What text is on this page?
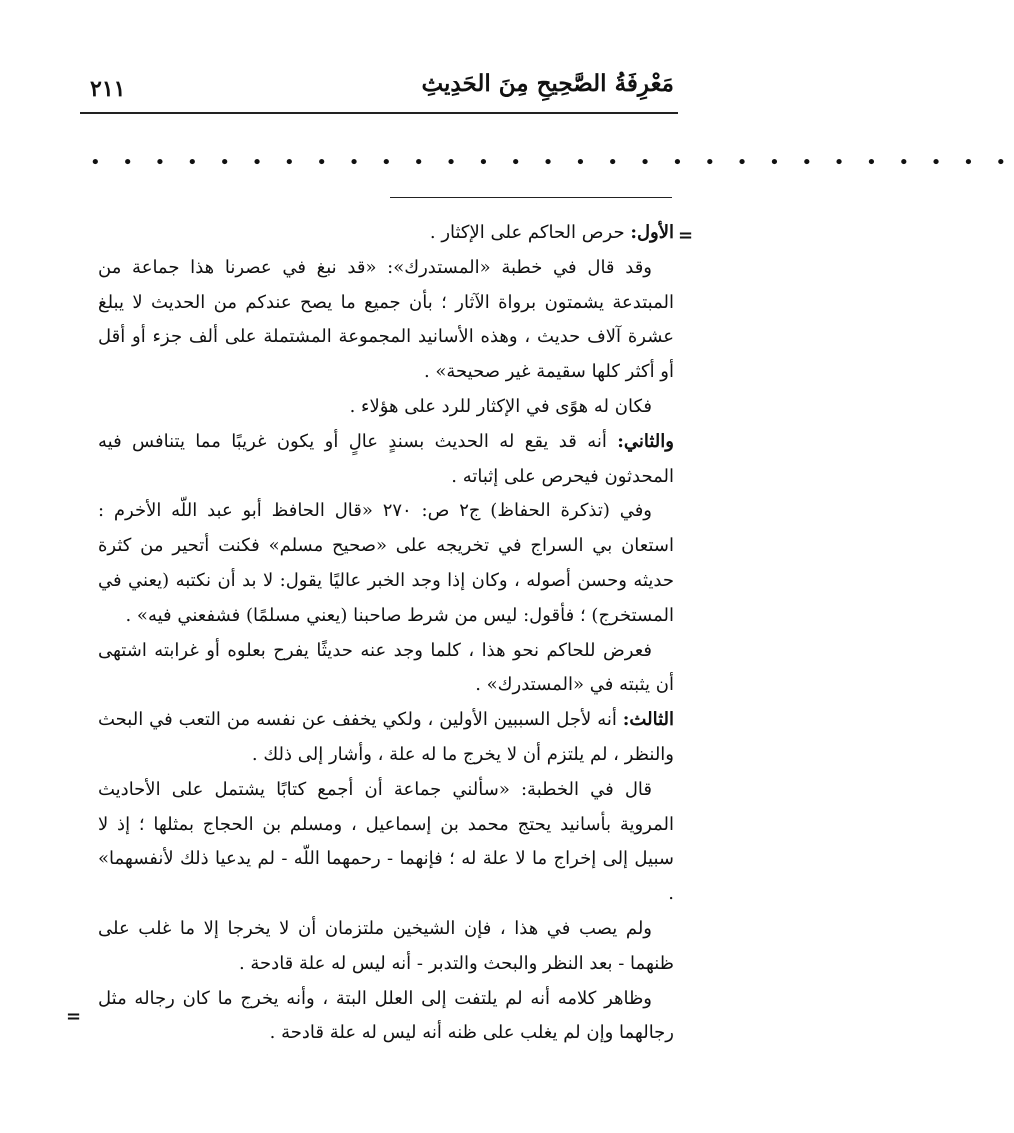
مَعْرِفَةُ الصَّحِيحِ مِنَ الحَدِيثِ
٢١١
• • • • • • • • • • • • • • • • • • • • • • • • • • • • •
=
=

الأول: حرص الحاكم على الإكثار .

وقد قال في خطبة «المستدرك»: «قد نبغ في عصرنا هذا جماعة من المبتدعة يشمتون برواة الآثار ؛ بأن جميع ما يصح عندكم من الحديث لا يبلغ عشرة آلاف حديث ، وهذه الأسانيد المجموعة المشتملة على ألف جزء أو أقل أو أكثر كلها سقيمة غير صحيحة» .

فكان له هوًى في الإكثار للرد على هؤلاء .

والثاني: أنه قد يقع له الحديث بسندٍ عالٍ أو يكون غريبًا مما يتنافس فيه المحدثون فيحرص على إثباته .

وفي (تذكرة الحفاظ) ج٢ ص: ٢٧٠ «قال الحافظ أبو عبد اللّه الأخرم : استعان بي السراج في تخريجه على «صحيح مسلم» فكنت أتحير من كثرة حديثه وحسن أصوله ، وكان إذا وجد الخبر عاليًا يقول: لا بد أن نكتبه (يعني في المستخرج) ؛ فأقول: ليس من شرط صاحبنا (يعني مسلمًا) فشفعني فيه» .

فعرض للحاكم نحو هذا ، كلما وجد عنه حديثًا يفرح بعلوه أو غرابته اشتهى أن يثبته في «المستدرك» .

الثالث: أنه لأجل السببين الأولين ، ولكي يخفف عن نفسه من التعب في البحث والنظر ، لم يلتزم أن لا يخرج ما له علة ، وأشار إلى ذلك .

قال في الخطبة: «سألني جماعة أن أجمع كتابًا يشتمل على الأحاديث المروية بأسانيد يحتج محمد بن إسماعيل ، ومسلم بن الحجاج بمثلها ؛ إذ لا سبيل إلى إخراج ما لا علة له ؛ فإنهما - رحمهما اللّه - لم يدعيا ذلك لأنفسهما» .

ولم يصب في هذا ، فإن الشيخين ملتزمان أن لا يخرجا إلا ما غلب على ظنهما - بعد النظر والبحث والتدبر - أنه ليس له علة قادحة .

وظاهر كلامه أنه لم يلتفت إلى العلل البتة ، وأنه يخرج ما كان رجاله مثل رجالهما وإن لم يغلب على ظنه أنه ليس له علة قادحة .
